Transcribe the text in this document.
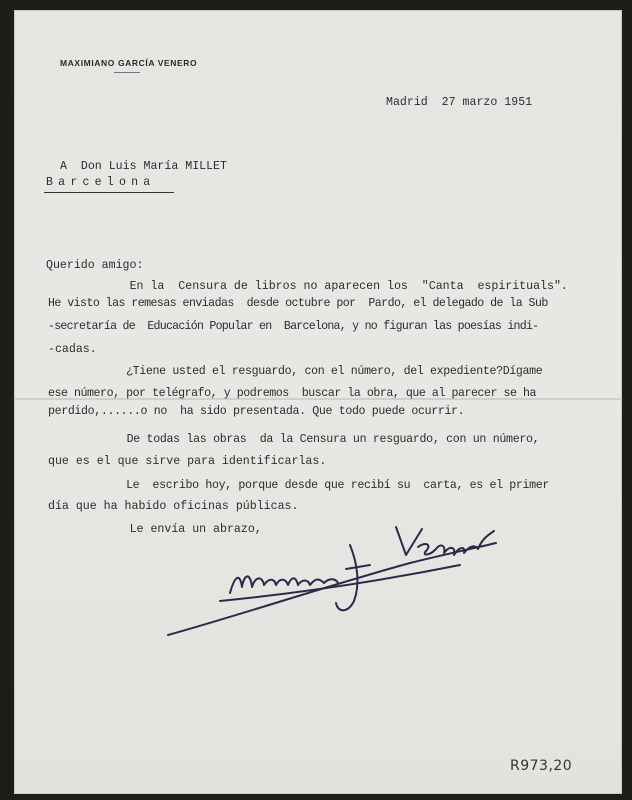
MAXIMIANO GARCÍA VENERO
Madrid  27 marzo 1951
A  Don Luis María MILLET
Barcelona
Querido amigo:
En la  Censura de libros no aparecen los  "Canta  espirituals".
He visto las remesas enviadas  desde octubre por  Pardo, el delegado de la Sub
-secretaría de  Educación Popular en  Barcelona, y no figuran las poesías indi-
-cadas.
¿Tiene usted el resguardo, con el número, del expediente?Dígame
ese número, por telégrafo, y podremos  buscar la obra, que al parecer se ha
perdido,......o no  ha sido presentada. Que todo puede ocurrir.
De todas las obras  da la Censura un resguardo, con un número,
que es el que sirve para identificarlas.
Le  escribo hoy, porque desde que recibí su  carta, es el primer
día que ha habido oficinas públicas.
Le envía un abrazo,
R973,20
